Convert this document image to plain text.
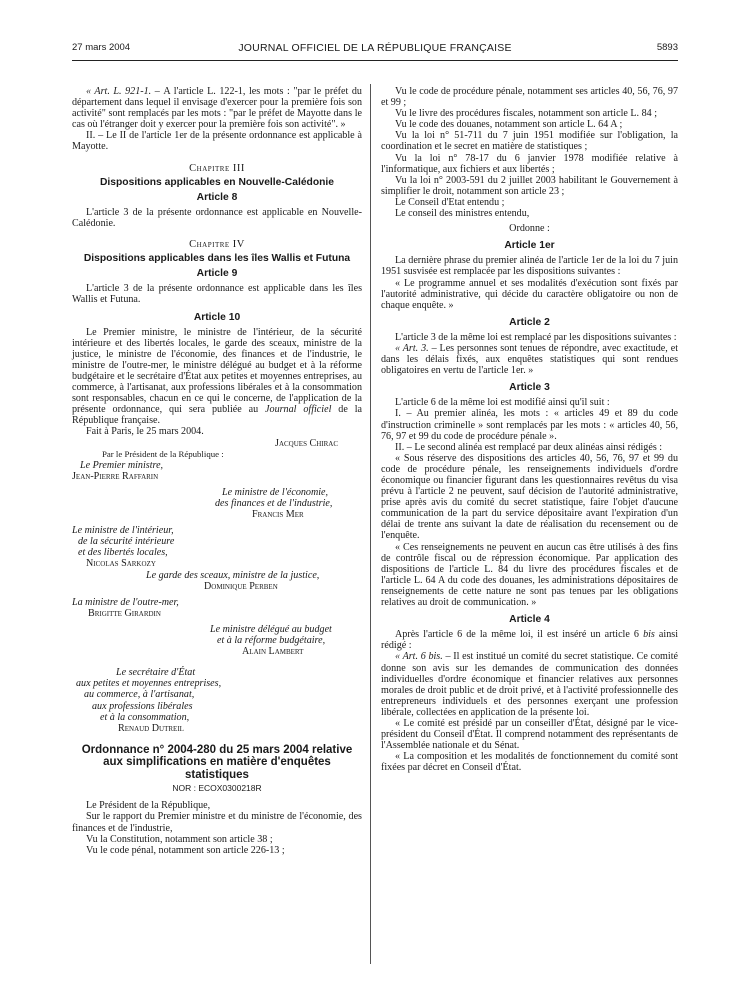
27 mars 2004	JOURNAL OFFICIEL DE LA RÉPUBLIQUE FRANÇAISE	5893

« Art. L. 921-1. – A l'article L. 122-1, les mots : "par le préfet du département dans lequel il envisage d'exercer pour la première fois son activité" sont remplacés par les mots : "par le préfet de Mayotte dans le cas où l'étranger doit y exercer pour la première fois son activité". »

II. – Le II de l'article 1er de la présente ordonnance est applicable à Mayotte.

Chapitre III
Dispositions applicables en Nouvelle-Calédonie
Article 8

L'article 3 de la présente ordonnance est applicable en Nouvelle-Calédonie.

Chapitre IV
Dispositions applicables dans les îles Wallis et Futuna
Article 9

L'article 3 de la présente ordonnance est applicable dans les îles Wallis et Futuna.

Article 10

Le Premier ministre, le ministre de l'intérieur, de la sécurité intérieure et des libertés locales, le garde des sceaux, ministre de la justice, le ministre de l'économie, des finances et de l'industrie, le ministre de l'outre-mer, le ministre délégué au budget et à la réforme budgétaire et le secrétaire d'État aux petites et moyennes entreprises, au commerce, à l'artisanat, aux professions libérales et à la consommation sont responsables, chacun en ce qui le concerne, de l'application de la présente ordonnance, qui sera publiée au Journal officiel de la République française.

Fait à Paris, le 25 mars 2004.

Jacques Chirac

Par le Président de la République :

Le Premier ministre,

Jean-Pierre Raffarin

Le ministre de l'économie,

des finances et de l'industrie,

Francis Mer

Le ministre de l'intérieur,

de la sécurité intérieure

et des libertés locales,

Nicolas Sarkozy

Le garde des sceaux, ministre de la justice,

Dominique Perben

La ministre de l'outre-mer,

Brigitte Girardin

Le ministre délégué au budget

et à la réforme budgétaire,

Alain Lambert

Le secrétaire d'État

aux petites et moyennes entreprises,

au commerce, à l'artisanat,

aux professions libérales

et à la consommation,

Renaud Dutreil

Ordonnance n° 2004-280 du 25 mars 2004 relative aux simplifications en matière d'enquêtes statistiques
NOR : ECOX0300218R

Le Président de la République,

Sur le rapport du Premier ministre et du ministre de l'économie, des finances et de l'industrie,

Vu la Constitution, notamment son article 38 ;

Vu le code pénal, notamment son article 226-13 ;

Vu le code de procédure pénale, notamment ses articles 40, 56, 76, 97 et 99 ;

Vu le livre des procédures fiscales, notamment son article L. 84 ;

Vu le code des douanes, notamment son article L. 64 A ;

Vu la loi n° 51-711 du 7 juin 1951 modifiée sur l'obligation, la coordination et le secret en matière de statistiques ;

Vu la loi n° 78-17 du 6 janvier 1978 modifiée relative à l'informatique, aux fichiers et aux libertés ;

Vu la loi n° 2003-591 du 2 juillet 2003 habilitant le Gouvernement à simplifier le droit, notamment son article 23 ;

Le Conseil d'Etat entendu ;

Le conseil des ministres entendu,

Ordonne :

Article 1er

La dernière phrase du premier alinéa de l'article 1er de la loi du 7 juin 1951 susvisée est remplacée par les dispositions suivantes :

« Le programme annuel et ses modalités d'exécution sont fixés par l'autorité administrative, qui décide du caractère obligatoire ou non de chaque enquête. »

Article 2

L'article 3 de la même loi est remplacé par les dispositions suivantes :

« Art. 3. – Les personnes sont tenues de répondre, avec exactitude, et dans les délais fixés, aux enquêtes statistiques qui sont rendues obligatoires en vertu de l'article 1er. »

Article 3

L'article 6 de la même loi est modifié ainsi qu'il suit :

I. – Au premier alinéa, les mots : « articles 49 et 89 du code d'instruction criminelle » sont remplacés par les mots : « articles 40, 56, 76, 97 et 99 du code de procédure pénale ».

II. – Le second alinéa est remplacé par deux alinéas ainsi rédigés :

« Sous réserve des dispositions des articles 40, 56, 76, 97 et 99 du code de procédure pénale, les renseignements individuels d'ordre économique ou financier figurant dans les questionnaires revêtus du visa prévu à l'article 2 ne peuvent, sauf décision de l'autorité administrative, prise après avis du comité du secret statistique, faire l'objet d'aucune communication de la part du service dépositaire avant l'expiration d'un délai de trente ans suivant la date de réalisation du recensement ou de l'enquête.

« Ces renseignements ne peuvent en aucun cas être utilisés à des fins de contrôle fiscal ou de répression économique. Par application des dispositions de l'article L. 84 du livre des procédures fiscales et de l'article L. 64 A du code des douanes, les administrations dépositaires de renseignements de cette nature ne sont pas tenues par les obligations relatives au droit de communication. »

Article 4

Après l'article 6 de la même loi, il est inséré un article 6 bis ainsi rédigé :

« Art. 6 bis. – Il est institué un comité du secret statistique. Ce comité donne son avis sur les demandes de communication des données individuelles d'ordre économique et financier relatives aux personnes morales de droit public et de droit privé, et à l'activité professionnelle des entrepreneurs individuels et des personnes exerçant une profession libérale, collectées en application de la présente loi.

« Le comité est présidé par un conseiller d'État, désigné par le vice-président du Conseil d'État. Il comprend notamment des représentants de l'Assemblée nationale et du Sénat.

« La composition et les modalités de fonctionnement du comité sont fixées par décret en Conseil d'État.
